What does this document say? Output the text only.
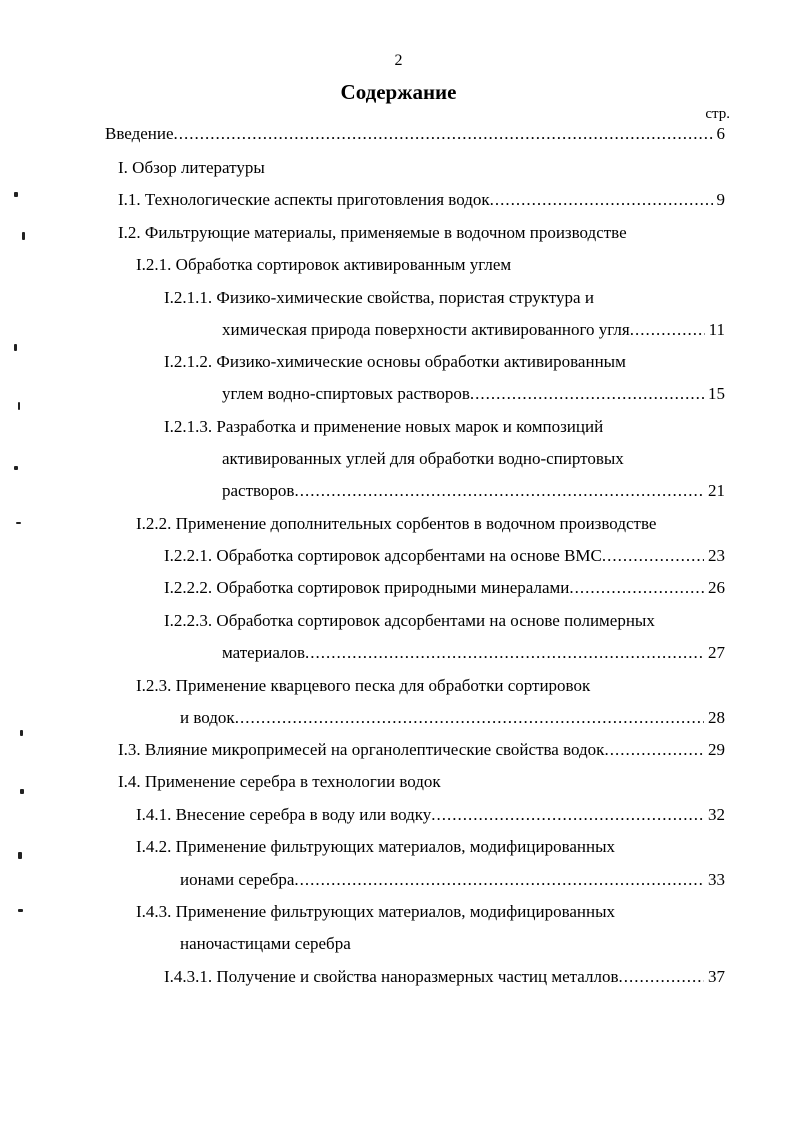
2
Содержание
стр.
Введение .....	6
I. Обзор литературы
I.1. Технологические аспекты приготовления водок .....	9
I.2. Фильтрующие материалы, применяемые в водочном производстве
I.2.1. Обработка сортировок активированным углем
I.2.1.1. Физико-химические свойства, пористая структура и
химическая природа поверхности активированного угля .....	11
I.2.1.2. Физико-химические основы обработки активированным
углем водно-спиртовых растворов .....	15
I.2.1.3. Разработка и применение новых марок и композиций
активированных углей для обработки водно-спиртовых
растворов .....	21
I.2.2. Применение дополнительных сорбентов в водочном производстве
I.2.2.1. Обработка сортировок адсорбентами на основе ВМС .....	23
I.2.2.2. Обработка сортировок природными минералами .....	26
I.2.2.3. Обработка сортировок адсорбентами на основе полимерных
материалов .....	27
I.2.3. Применение кварцевого песка для обработки сортировок
и водок .....	28
I.3. Влияние микропримесей на органолептические свойства водок .....	29
I.4. Применение серебра в технологии водок
I.4.1. Внесение серебра в воду или водку .....	32
I.4.2. Применение фильтрующих материалов, модифицированных
ионами серебра .....	33
I.4.3. Применение фильтрующих материалов, модифицированных
наночастицами серебра
I.4.3.1. Получение и свойства наноразмерных частиц металлов .....	37
